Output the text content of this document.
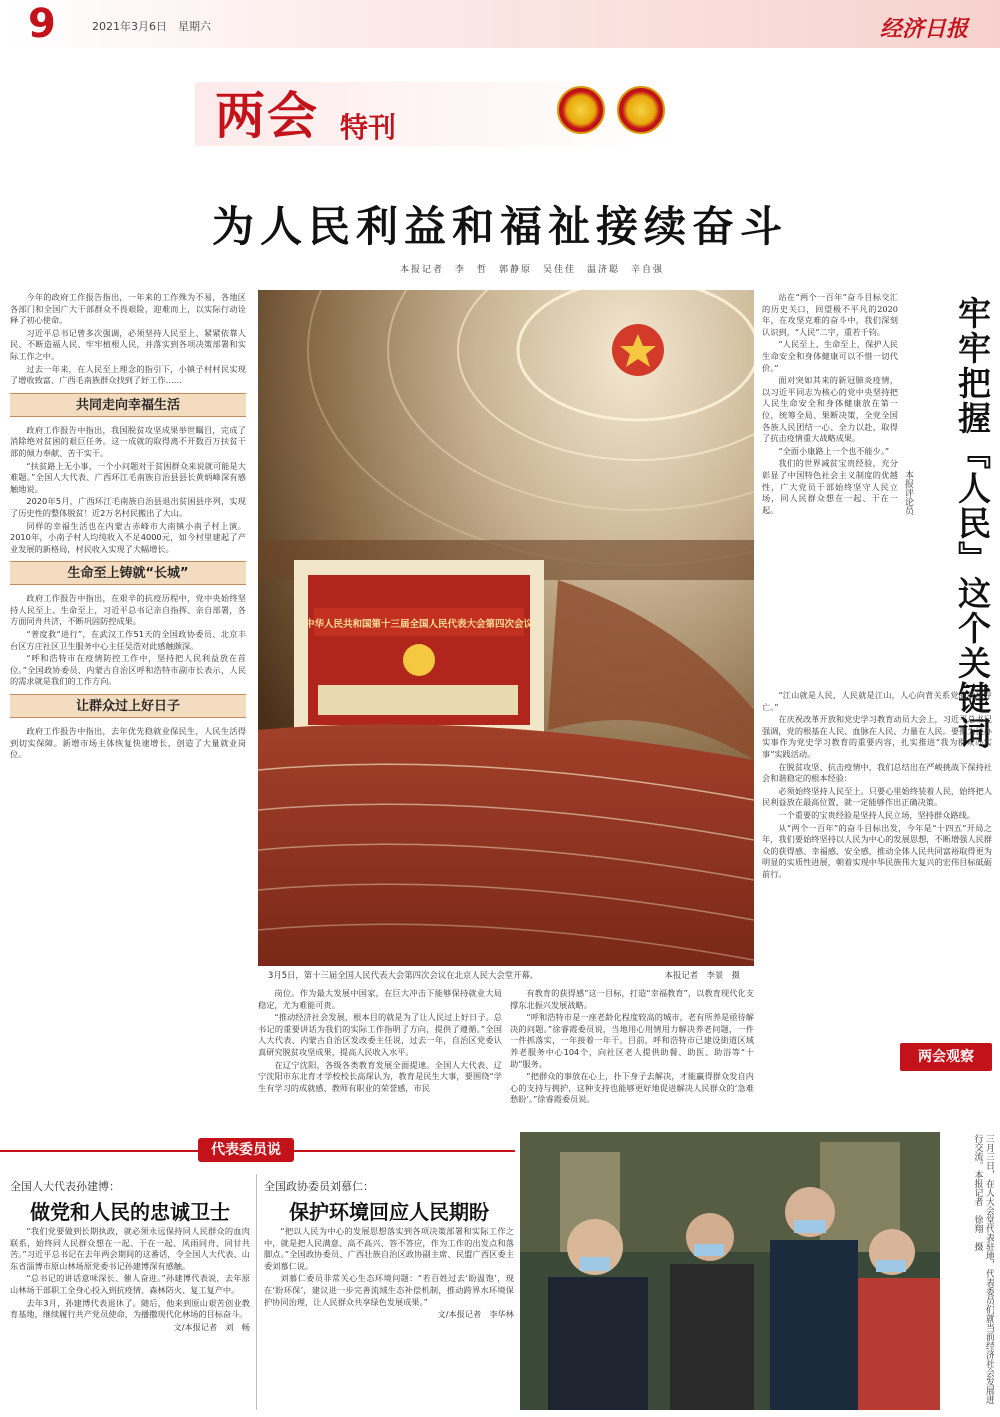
9	2021年3月6日　星期六	经济日报
两会 特刊
为人民利益和福祉接续奋斗
本报记者　李　哲　郭静原　吴佳佳　温济聪　辛自强

今年的政府工作报告指出，一年来的工作殊为不易，各地区各部门和全国广大干部群众不畏艰险，迎难而上，以实际行动诠释了初心使命。

习近平总书记曾多次强调，必须坚持人民至上、紧紧依靠人民、不断造福人民、牢牢植根人民，并落实到各项决策部署和实际工作之中。

过去一年来，在人民至上理念的指引下，小镇子村村民实现了增收致富、广西毛南族群众找到了好工作……

共同走向幸福生活

政府工作报告中指出，我国脱贫攻坚成果举世瞩目，完成了消除绝对贫困的艰巨任务。这一成就的取得离不开数百万扶贫干部的倾力奉献、苦干实干。

“扶贫路上无小事，一个小问题对于贫困群众来说就可能是大难题。”全国人大代表、广西环江毛南族自治县县长黄炳峰深有感触地说。

2020年5月，广西环江毛南族自治县退出贫困县序列，实现了历史性的整体脱贫！近2万名村民搬出了大山。

同样的幸福生活也在内蒙古赤峰市大南镇小南子村上演。2010年，小南子村人均纯收入不足4000元，如今村里建起了产业发展的新格局，村民收入实现了大幅增长。

生命至上铸就“长城”

政府工作报告中指出，在艰辛的抗疫历程中，党中央始终坚持人民至上、生命至上，习近平总书记亲自指挥、亲自部署，各方面同舟共济，不断巩固防控成果。

“普度救“进行”，在武汉工作51天的全国政协委员、北京丰台区方庄社区卫生服务中心主任吴浩对此感触颇深。

“呼和浩特市在疫情防控工作中，坚持把人民利益放在首位。”全国政协委员、内蒙古自治区呼和浩特市副市长表示，人民的需求就是我们的工作方向。

让群众过上好日子

政府工作报告中指出，去年优先稳就业保民生，人民生活得到切实保障。新增市场主体恢复快速增长，创造了大量就业岗位。

中华人民共和国第十三届全国人民代表大会第四次会议
3月5日，第十三届全国人民代表大会第四次会议在北京人民大会堂开幕。	本报记者　李景　摄

岗位。作为最大发展中国家，在巨大冲击下能够保持就业大局稳定，尤为难能可贵。

“推动经济社会发展，根本目的就是为了让人民过上好日子。总书记的重要讲话为我们的实际工作指明了方向，提供了遵循。”全国人大代表、内蒙古自治区发改委主任说，过去一年，自治区党委认真研究脱贫攻坚成果，提高人民收入水平。

在辽宁沈阳，各级各类教育发展全面提速。全国人大代表、辽宁沈阳市东北育才学校校长高琛认为，教育是民生大事，要围绕“学生有学习的成就感、教师有职业的荣誉感，市民

有教育的获得感”这一目标，打造“幸福教育”，以教育现代化支撑东北振兴发展战略。

“呼和浩特市是一座老龄化程度较高的城市，老有所养是亟待解决的问题。”徐睿霞委员说，当地用心用情用力解决养老问题，一件一件抓落实，一年接着一年干。目前，呼和浩特市已建设街道区域养老服务中心104个，向社区老人提供助餐、助医、助浴等“十助”服务。

“把群众的事放在心上，扑下身子去解决，才能赢得群众发自内心的支持与拥护，这种支持也能够更好地促进解决人民群众的‘急难愁盼’。”徐睿霞委员说。

站在“两个一百年”奋斗目标交汇的历史关口，回望极不平凡的2020年，在攻坚克难的奋斗中，我们深刻认识到，“人民”二字，重若千钧。

“人民至上、生命至上，保护人民生命安全和身体健康可以不惜一切代价。”

面对突如其来的新冠肺炎疫情，以习近平同志为核心的党中央坚持把人民生命安全和身体健康放在第一位，统筹全局、果断决策，全党全国各族人民团结一心、全力以赴，取得了抗击疫情重大战略成果。

“全面小康路上一个也不能少。”

我们的世界减贫宝贵经验，充分彰显了中国特色社会主义制度的优越性，广大党员干部始终坚守人民立场，同人民群众想在一起、干在一起。	牢牢把握『人民』这个关键词
本报评论员

“江山就是人民，人民就是江山，人心向背关系党的生死存亡。”

在庆祝改革开放和党史学习教育动员大会上，习近平总书记强调，党的根基在人民、血脉在人民、力量在人民。要把为民办实事作为党史学习教育的重要内容，扎实推进“我为群众办实事”实践活动。

在脱贫攻坚、抗击疫情中，我们总结出在严峻挑战下保持社会和谐稳定的根本经验：

必须始终坚持人民至上。只要心里始终装着人民，始终把人民利益放在最高位置，就一定能够作出正确决策。

一个重要的宝贵经验是坚持人民立场，坚持群众路线。

从“两个一百年”的奋斗目标出发，今年是“十四五”开局之年，我们要始终坚持以人民为中心的发展思想，不断增强人民群众的获得感、幸福感、安全感，推动全体人民共同富裕取得更为明显的实质性进展，朝着实现中华民族伟大复兴的宏伟目标砥砺前行。

两会观察
代表委员说
全国人大代表孙建博：
做党和人民的忠诚卫士

“我们党要做到长期执政，就必须永远保持同人民群众的血肉联系，始终同人民群众想在一起、干在一起、风雨同舟、同甘共苦。”习近平总书记在去年两会期间的这番话，令全国人大代表、山东省淄博市原山林场原党委书记孙建博深有感触。

“总书记的讲话意味深长、催人奋进。”孙建博代表说，去年原山林场干部职工全身心投入到抗疫情、森林防火、复工复产中。

去年3月，孙建博代表退休了。随后，他来到原山艰苦创业教育基地，继续履行共产党员使命，为播撒现代化林场的目标奋斗。

文/本报记者　刘　畅

全国政协委员刘慕仁：
保护环境回应人民期盼

“把以人民为中心的发展思想落实到各项决策部署和实际工作之中，就是把人民满意、高不高兴、答不答应，作为工作的出发点和落脚点。”全国政协委员、广西壮族自治区政协副主席、民盟广西区委主委刘慕仁说。

刘慕仁委员非常关心生态环境问题：“若百姓过去‘盼温饱’，现在‘盼环保’，建议进一步完善流域生态补偿机制，推动跨界水环境保护协同治理，让人民群众共享绿色发展成果。”

文/本报记者　李华林	三月三日，在人大会堂代表驻地，代表委员们就当前经济社会发展进行交流。本报记者　徐翔　摄
